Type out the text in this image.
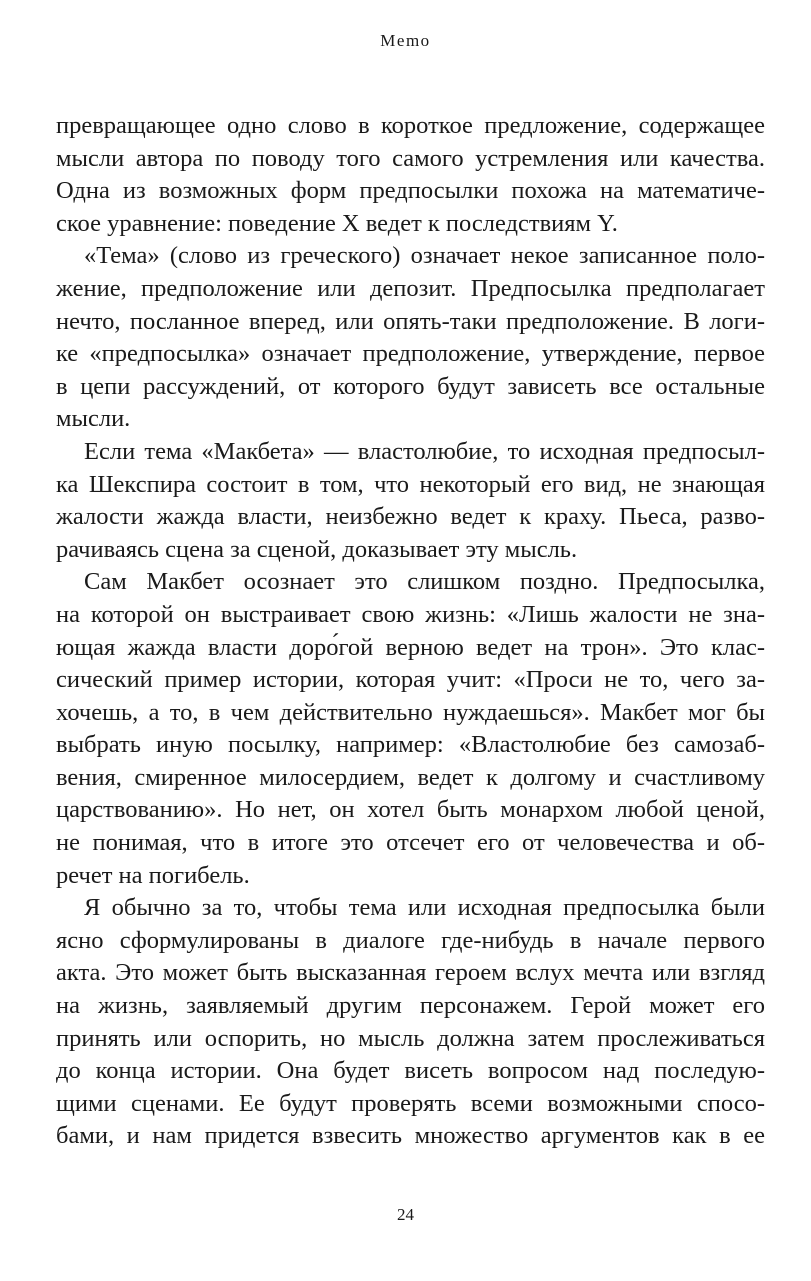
Memo
превращающее одно слово в короткое предложение, содержащее
мысли автора по поводу того самого устремления или качества.
Одна из возможных форм предпосылки похожа на математиче-
ское уравнение: поведение X ведет к последствиям Y.
«Тема» (слово из греческого) означает некое записанное поло-
жение, предположение или депозит. Предпосылка предполагает
нечто, посланное вперед, или опять-таки предположение. В логи-
ке «предпосылка» означает предположение, утверждение, первое
в цепи рассуждений, от которого будут зависеть все остальные
мысли.
Если тема «Макбета» — властолюбие, то исходная предпосыл-
ка Шекспира состоит в том, что некоторый его вид, не знающая
жалости жажда власти, неизбежно ведет к краху. Пьеса, разво-
рачиваясь сцена за сценой, доказывает эту мысль.
Сам Макбет осознает это слишком поздно. Предпосылка,
на которой он выстраивает свою жизнь: «Лишь жалости не зна-
ющая жажда власти доро́гой верною ведет на трон». Это клас-
сический пример истории, которая учит: «Проси не то, чего за-
хочешь, а то, в чем действительно нуждаешься». Макбет мог бы
выбрать иную посылку, например: «Властолюбие без самозаб-
вения, смиренное милосердием, ведет к долгому и счастливому
царствованию». Но нет, он хотел быть монархом любой ценой,
не понимая, что в итоге это отсечет его от человечества и об-
речет на погибель.
Я обычно за то, чтобы тема или исходная предпосылка были
ясно сформулированы в диалоге где-нибудь в начале первого
акта. Это может быть высказанная героем вслух мечта или взгляд
на жизнь, заявляемый другим персонажем. Герой может его
принять или оспорить, но мысль должна затем прослеживаться
до конца истории. Она будет висеть вопросом над последую-
щими сценами. Ее будут проверять всеми возможными спосо-
бами, и нам придется взвесить множество аргументов как в ее
24
